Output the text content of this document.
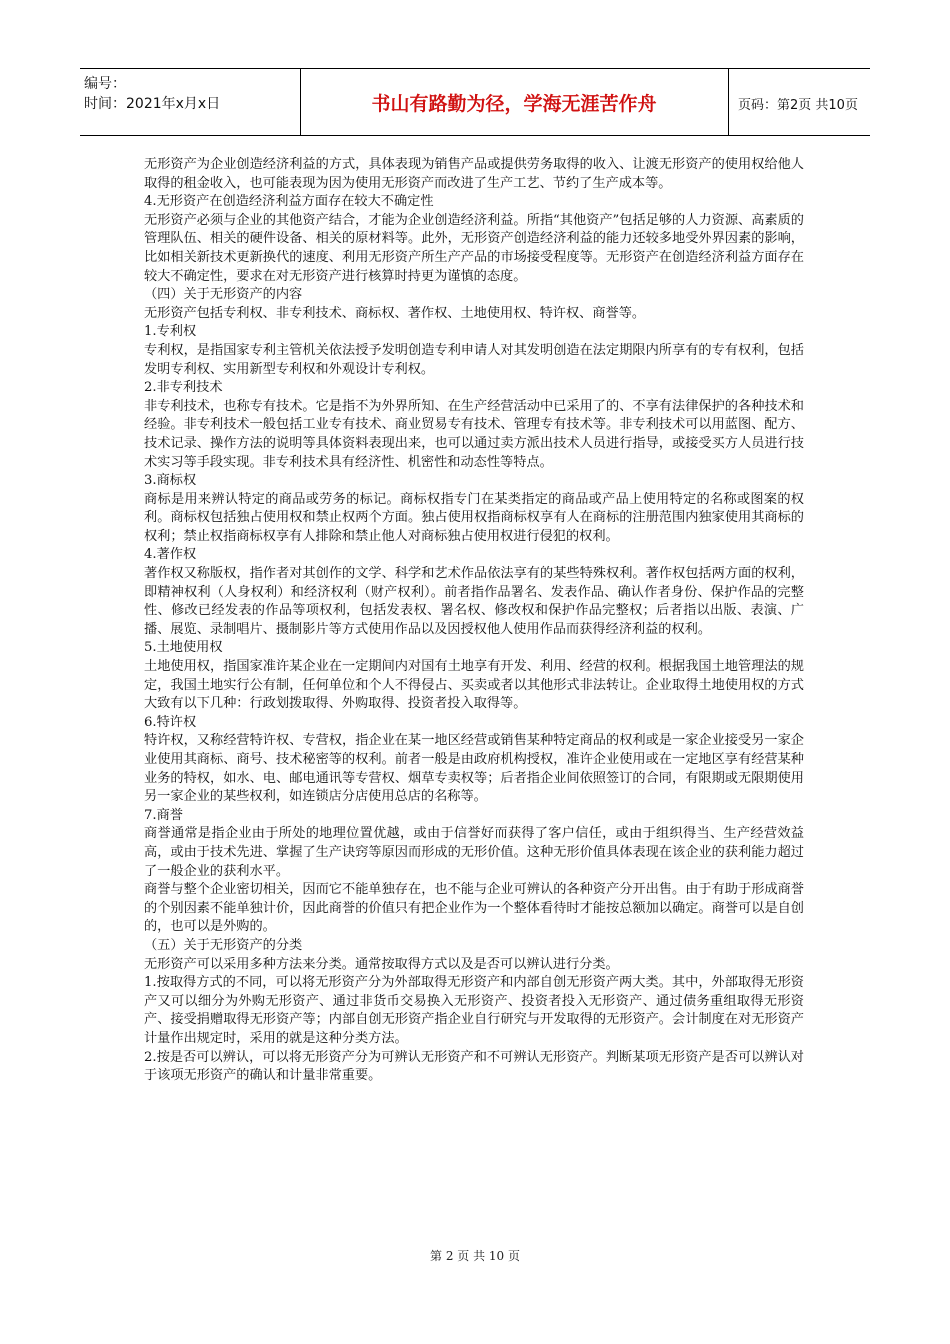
编号：
时间：2021年x月x日	书山有路勤为径，学海无涯苦作舟	页码：第2页 共10页

无形资产为企业创造经济利益的方式，具体表现为销售产品或提供劳务取得的收入、让渡无形资产的使用权给他人取得的租金收入，也可能表现为因为使用无形资产而改进了生产工艺、节约了生产成本等。

4.无形资产在创造经济利益方面存在较大不确定性

无形资产必须与企业的其他资产结合，才能为企业创造经济利益。所指“其他资产”包括足够的人力资源、高素质的管理队伍、相关的硬件设备、相关的原材料等。此外，无形资产创造经济利益的能力还较多地受外界因素的影响，比如相关新技术更新换代的速度、利用无形资产所生产产品的市场接受程度等。无形资产在创造经济利益方面存在较大不确定性，要求在对无形资产进行核算时持更为谨慎的态度。

（四）关于无形资产的内容

无形资产包括专利权、非专利技术、商标权、著作权、土地使用权、特许权、商誉等。

1.专利权

专利权，是指国家专利主管机关依法授予发明创造专利申请人对其发明创造在法定期限内所享有的专有权利，包括发明专利权、实用新型专利权和外观设计专利权。

2.非专利技术

非专利技术，也称专有技术。它是指不为外界所知、在生产经营活动中已采用了的、不享有法律保护的各种技术和经验。非专利技术一般包括工业专有技术、商业贸易专有技术、管理专有技术等。非专利技术可以用蓝图、配方、技术记录、操作方法的说明等具体资料表现出来，也可以通过卖方派出技术人员进行指导，或接受买方人员进行技术实习等手段实现。非专利技术具有经济性、机密性和动态性等特点。

3.商标权

商标是用来辨认特定的商品或劳务的标记。商标权指专门在某类指定的商品或产品上使用特定的名称或图案的权利。商标权包括独占使用权和禁止权两个方面。独占使用权指商标权享有人在商标的注册范围内独家使用其商标的权利；禁止权指商标权享有人排除和禁止他人对商标独占使用权进行侵犯的权利。

4.著作权

著作权又称版权，指作者对其创作的文学、科学和艺术作品依法享有的某些特殊权利。著作权包括两方面的权利，即精神权利（人身权利）和经济权利（财产权利）。前者指作品署名、发表作品、确认作者身份、保护作品的完整性、修改已经发表的作品等项权利，包括发表权、署名权、修改权和保护作品完整权；后者指以出版、表演、广播、展览、录制唱片、摄制影片等方式使用作品以及因授权他人使用作品而获得经济利益的权利。

5.土地使用权

土地使用权，指国家准许某企业在一定期间内对国有土地享有开发、利用、经营的权利。根据我国土地管理法的规定，我国土地实行公有制，任何单位和个人不得侵占、买卖或者以其他形式非法转让。企业取得土地使用权的方式大致有以下几种：行政划拨取得、外购取得、投资者投入取得等。

6.特许权

特许权，又称经营特许权、专营权，指企业在某一地区经营或销售某种特定商品的权利或是一家企业接受另一家企业使用其商标、商号、技术秘密等的权利。前者一般是由政府机构授权，准许企业使用或在一定地区享有经营某种业务的特权，如水、电、邮电通讯等专营权、烟草专卖权等；后者指企业间依照签订的合同，有限期或无限期使用另一家企业的某些权利，如连锁店分店使用总店的名称等。

7.商誉

商誉通常是指企业由于所处的地理位置优越，或由于信誉好而获得了客户信任，或由于组织得当、生产经营效益高，或由于技术先进、掌握了生产诀窍等原因而形成的无形价值。这种无形价值具体表现在该企业的获利能力超过了一般企业的获利水平。

商誉与整个企业密切相关，因而它不能单独存在，也不能与企业可辨认的各种资产分开出售。由于有助于形成商誉的个别因素不能单独计价，因此商誉的价值只有把企业作为一个整体看待时才能按总额加以确定。商誉可以是自创的，也可以是外购的。

（五）关于无形资产的分类

无形资产可以采用多种方法来分类。通常按取得方式以及是否可以辨认进行分类。

1.按取得方式的不同，可以将无形资产分为外部取得无形资产和内部自创无形资产两大类。其中，外部取得无形资产又可以细分为外购无形资产、通过非货币交易换入无形资产、投资者投入无形资产、通过债务重组取得无形资产、接受捐赠取得无形资产等；内部自创无形资产指企业自行研究与开发取得的无形资产。会计制度在对无形资产计量作出规定时，采用的就是这种分类方法。

2.按是否可以辨认，可以将无形资产分为可辨认无形资产和不可辨认无形资产。判断某项无形资产是否可以辨认对于该项无形资产的确认和计量非常重要。

第 2 页 共 10 页
